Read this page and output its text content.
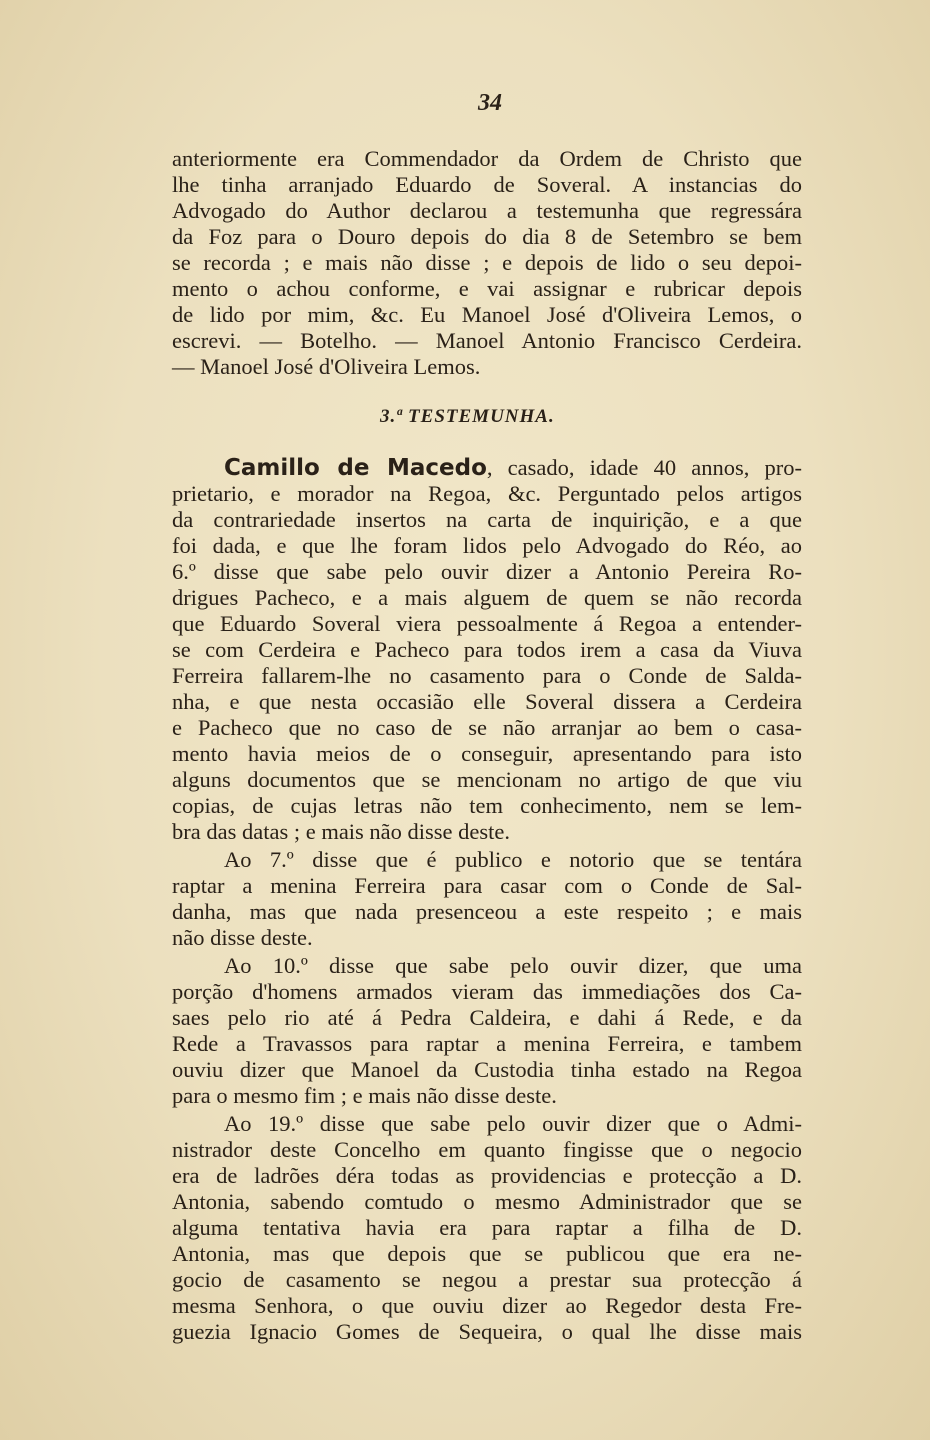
34
anteriormente era Commendador da Ordem de Christo que
lhe tinha arranjado Eduardo de Soveral. A instancias do
Advogado do Author declarou a testemunha que regressára
da Foz para o Douro depois do dia 8 de Setembro se bem
se recorda ; e mais não disse ; e depois de lido o seu depoi-
mento o achou conforme, e vai assignar e rubricar depois
de lido por mim, &c. Eu Manoel José d'Oliveira Lemos, o
escrevi. — Botelho. — Manoel Antonio Francisco Cerdeira.
— Manoel José d'Oliveira Lemos.
3.ª TESTEMUNHA.
Camillo de Macedo, casado, idade 40 annos, pro-
prietario, e morador na Regoa, &c. Perguntado pelos artigos
da contrariedade insertos na carta de inquirição, e a que
foi dada, e que lhe foram lidos pelo Advogado do Réo, ao
6.º disse que sabe pelo ouvir dizer a Antonio Pereira Ro-
drigues Pacheco, e a mais alguem de quem se não recorda
que Eduardo Soveral viera pessoalmente á Regoa a entender-
se com Cerdeira e Pacheco para todos irem a casa da Viuva
Ferreira fallarem-lhe no casamento para o Conde de Salda-
nha, e que nesta occasião elle Soveral dissera a Cerdeira
e Pacheco que no caso de se não arranjar ao bem o casa-
mento havia meios de o conseguir, apresentando para isto
alguns documentos que se mencionam no artigo de que viu
copias, de cujas letras não tem conhecimento, nem se lem-
bra das datas ; e mais não disse deste.
Ao 7.º disse que é publico e notorio que se tentára
raptar a menina Ferreira para casar com o Conde de Sal-
danha, mas que nada presenceou a este respeito ; e mais
não disse deste.
Ao 10.º disse que sabe pelo ouvir dizer, que uma
porção d'homens armados vieram das immediações dos Ca-
saes pelo rio até á Pedra Caldeira, e dahi á Rede, e da
Rede a Travassos para raptar a menina Ferreira, e tambem
ouviu dizer que Manoel da Custodia tinha estado na Regoa
para o mesmo fim ; e mais não disse deste.
Ao 19.º disse que sabe pelo ouvir dizer que o Admi-
nistrador deste Concelho em quanto fingisse que o negocio
era de ladrões déra todas as providencias e protecção a D.
Antonia, sabendo comtudo o mesmo Administrador que se
alguma tentativa havia era para raptar a filha de D.
Antonia, mas que depois que se publicou que era ne-
gocio de casamento se negou a prestar sua protecção á
mesma Senhora, o que ouviu dizer ao Regedor desta Fre-
guezia Ignacio Gomes de Sequeira, o qual lhe disse mais
